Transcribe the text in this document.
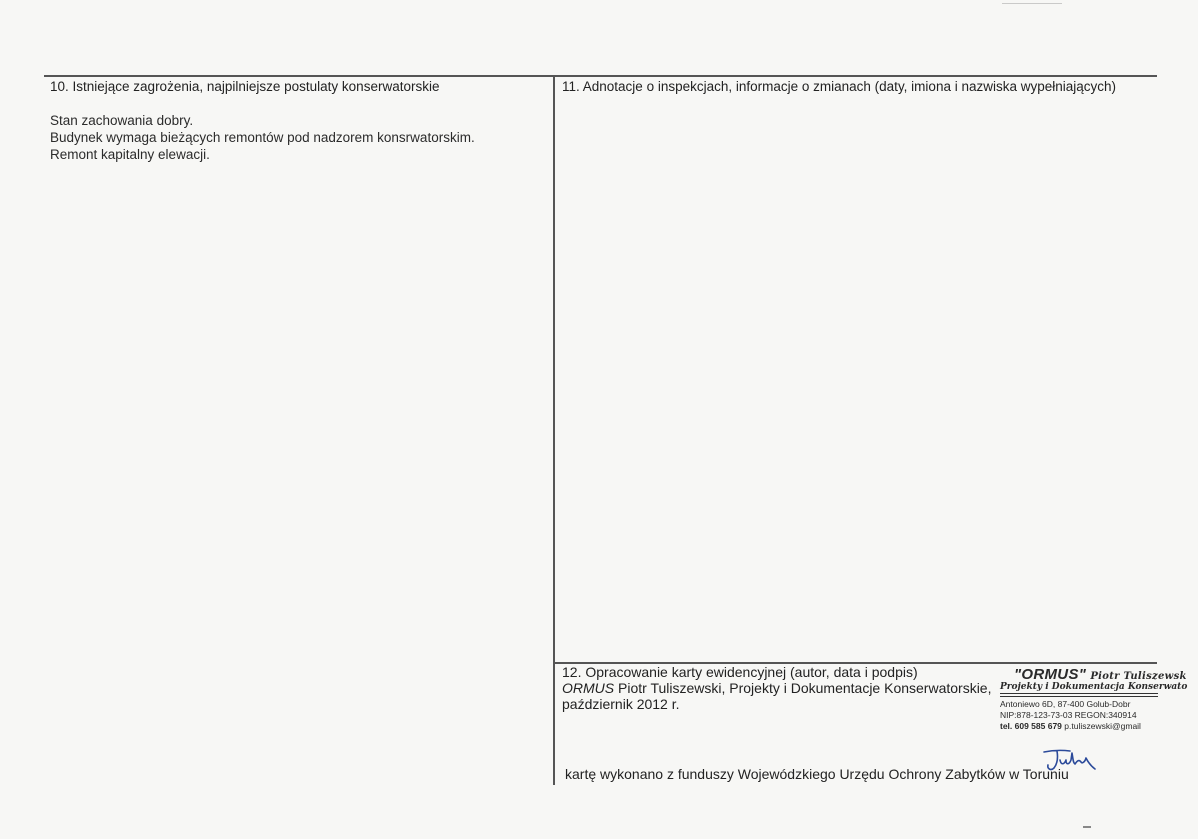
10. Istniejące zagrożenia, najpilniejsze postulaty konserwatorskie
Stan zachowania dobry.
Budynek wymaga bieżących remontów pod nadzorem konsrwatorskim.
Remont kapitalny elewacji.
11. Adnotacje o inspekcjach, informacje o zmianach (daty, imiona i nazwiska wypełniających)
12. Opracowanie karty ewidencyjnej (autor, data i podpis)
ORMUS Piotr Tuliszewski, Projekty i Dokumentacje Konserwatorskie,
październik 2012 r.
"ORMUS" Piotr Tuliszewsk
Projekty i Dokumentacja Konserwato
Antoniewo 6D, 87-400 Golub-Dobr
NIP:878-123-73-03 REGON:340914
tel. 609 585 679 p.tuliszewski@gmail
kartę wykonano z funduszy Wojewódzkiego Urzędu Ochrony Zabytków w Toruniu
